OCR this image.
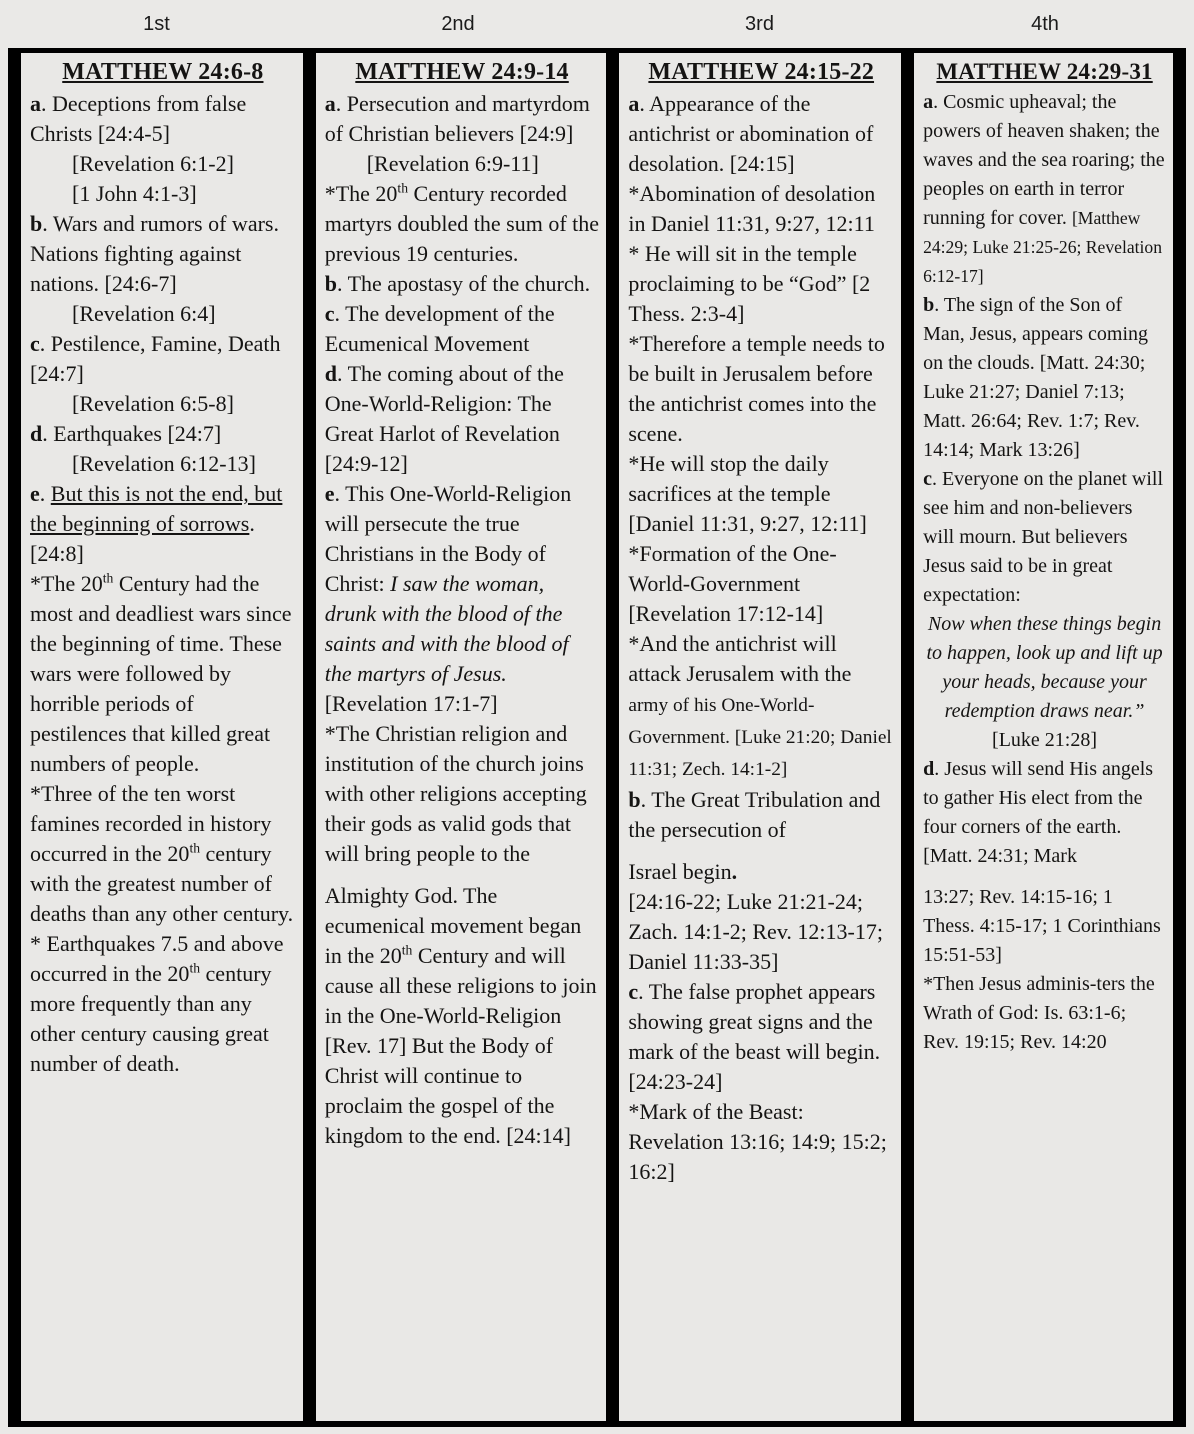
1st	2nd	3rd	4th
MATTHEW 24:6-8

a. Deceptions from false Christs [24:4-5]

[Revelation 6:1-2]

[1 John 4:1-3]

b. Wars and rumors of wars. Nations fighting against nations. [24:6-7]

[Revelation 6:4]

c. Pestilence, Famine, Death [24:7]

[Revelation 6:5-8]

d. Earthquakes [24:7]

[Revelation 6:12-13]

e. But this is not the end, but the beginning of sorrows. [24:8]

*The 20th Century had the most and deadliest wars since the beginning of time. These wars were followed by horrible periods of pestilences that killed great numbers of people.

*Three of the ten worst famines recorded in history occurred in the 20th century with the greatest number of deaths than any other century.

* Earthquakes 7.5 and above occurred in the 20th century more frequently than any other century causing great number of death.

MATTHEW 24:9-14

a. Persecution and martyrdom of Christian believers [24:9]

[Revelation 6:9-11]

*The 20th Century recorded martyrs doubled the sum of the previous 19 centuries.

b. The apostasy of the church.

c. The development of the Ecumenical Movement

d. The coming about of the One-World-Religion: The Great Harlot of Revelation

[24:9-12]

e. This One-World-Religion will persecute the true Christians in the Body of Christ: I saw the woman, drunk with the blood of the saints and with the blood of the martyrs of Jesus.

[Revelation 17:1-7]

*The Christian religion and institution of the church joins with other religions accepting their gods as valid gods that will bring people to the

Almighty God. The ecumenical movement began in the 20th Century and will cause all these religions to join in the One-World-Religion [Rev. 17] But the Body of Christ will continue to proclaim the gospel of the kingdom to the end. [24:14]

MATTHEW 24:15-22

a. Appearance of the antichrist or abomination of desolation. [24:15]

*Abomination of desolation in Daniel 11:31, 9:27, 12:11

* He will sit in the temple proclaiming to be “God” [2 Thess. 2:3-4]

*Therefore a temple needs to be built in Jerusalem before the antichrist comes into the scene.

*He will stop the daily sacrifices at the temple [Daniel 11:31, 9:27, 12:11]

*Formation of the One-World-Government [Revelation 17:12-14]

*And the antichrist will attack Jerusalem with the army of his One-World-Government. [Luke 21:20; Daniel 11:31; Zech. 14:1-2]

b. The Great Tribulation and the persecution of

Israel begin.

[24:16-22; Luke 21:21-24; Zach. 14:1-2; Rev. 12:13-17; Daniel 11:33-35]

c. The false prophet appears showing great signs and the mark of the beast will begin. [24:23-24]

*Mark of the Beast: Revelation 13:16; 14:9; 15:2; 16:2]

MATTHEW 24:29-31

a. Cosmic upheaval; the powers of heaven shaken; the waves and the sea roaring; the peoples on earth in terror running for cover. [Matthew 24:29; Luke 21:25-26; Revelation 6:12-17]

b. The sign of the Son of Man, Jesus, appears coming on the clouds. [Matt. 24:30; Luke 21:27; Daniel 7:13; Matt. 26:64; Rev. 1:7; Rev. 14:14; Mark 13:26]

c. Everyone on the planet will see him and non-believers will mourn. But believers Jesus said to be in great expectation:

Now when these things begin to happen, look up and lift up your heads, because your redemption draws near.” [Luke 21:28]

d. Jesus will send His angels to gather His elect from the four corners of the earth. [Matt. 24:31; Mark

13:27; Rev. 14:15-16; 1 Thess. 4:15-17; 1 Corinthians 15:51-53]

*Then Jesus adminis-ters the Wrath of God: Is. 63:1-6; Rev. 19:15; Rev. 14:20
